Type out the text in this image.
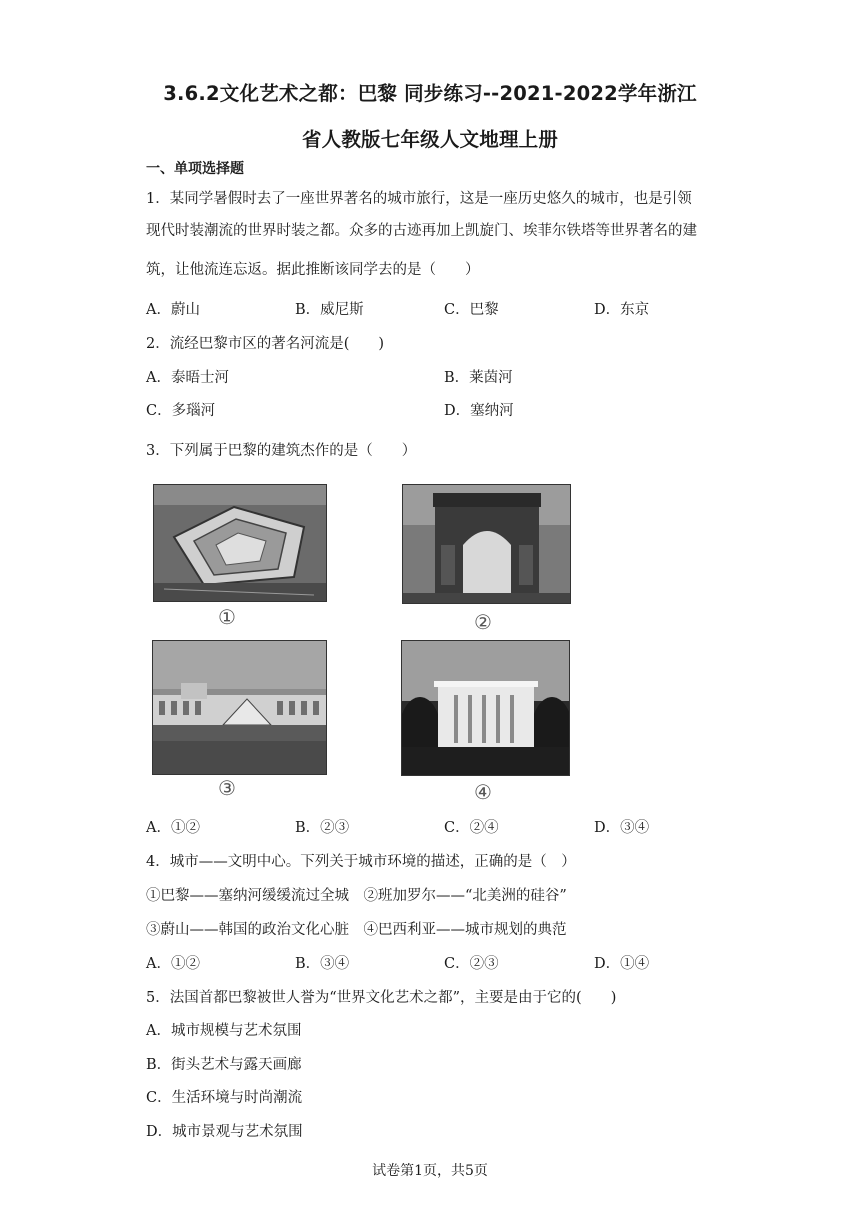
3.6.2文化艺术之都：巴黎 同步练习--2021-2022学年浙江
省人教版七年级人文地理上册
一、单项选择题
1．某同学暑假时去了一座世界著名的城市旅行，这是一座历史悠久的城市，也是引领
现代时装潮流的世界时装之都。众多的古迹再加上凯旋门、埃菲尔铁塔等世界著名的建
筑，让他流连忘返。据此推断该同学去的是（　　）
A．蔚山	B．威尼斯	C．巴黎	D．东京
2．流经巴黎市区的著名河流是(　　)
A．泰晤士河	B．莱茵河
C．多瑙河	D．塞纳河
3．下列属于巴黎的建筑杰作的是（　　）
①	②
③	④
A．①②	B．②③	C．②④	D．③④
4．城市——文明中心。下列关于城市环境的描述，正确的是（　）
①巴黎——塞纳河缓缓流过全城　②班加罗尔——“北美洲的硅谷”
③蔚山——韩国的政治文化心脏　④巴西利亚——城市规划的典范
A．①②	B．③④	C．②③	D．①④
5．法国首都巴黎被世人誉为“世界文化艺术之都”，主要是由于它的(　　)
A．城市规模与艺术氛围
B．街头艺术与露天画廊
C．生活环境与时尚潮流
D．城市景观与艺术氛围
试卷第1页，共5页
